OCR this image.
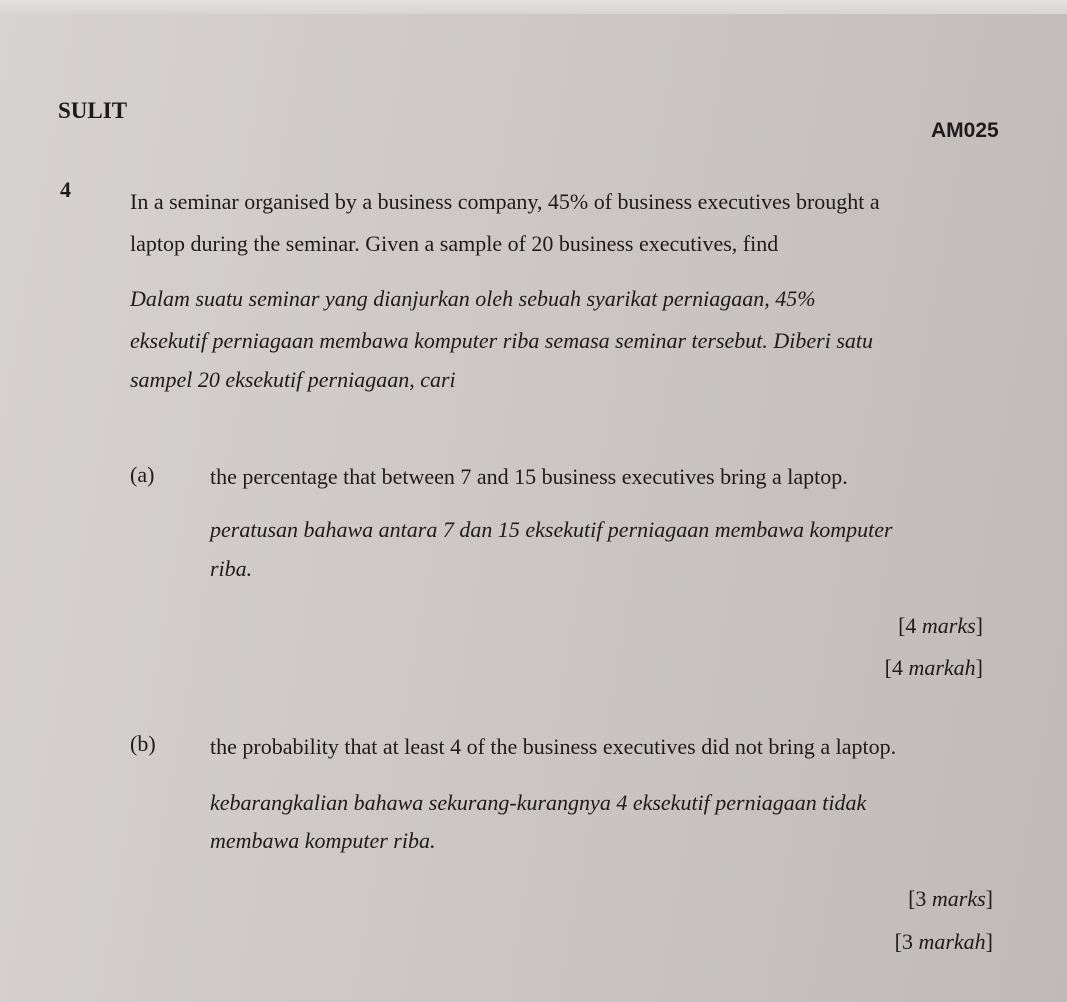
SULIT
AM025
4	In a seminar organised by a business company, 45% of business executives brought a
laptop during the seminar. Given a sample of 20 business executives, find
Dalam suatu seminar yang dianjurkan oleh sebuah syarikat perniagaan, 45%
eksekutif perniagaan membawa komputer riba semasa seminar tersebut. Diberi satu
sampel 20 eksekutif perniagaan, cari
(a)	the percentage that between 7 and 15 business executives bring a laptop.
peratusan bahawa antara 7 dan 15 eksekutif perniagaan membawa komputer
riba.
[4 marks]
[4 markah]
(b) the probability that at least 4 of the business executives did not bring a laptop.
kebarangkalian bahawa sekurang-kurangnya 4 eksekutif perniagaan tidak
membawa komputer riba.
[3 marks]
[3 markah]
